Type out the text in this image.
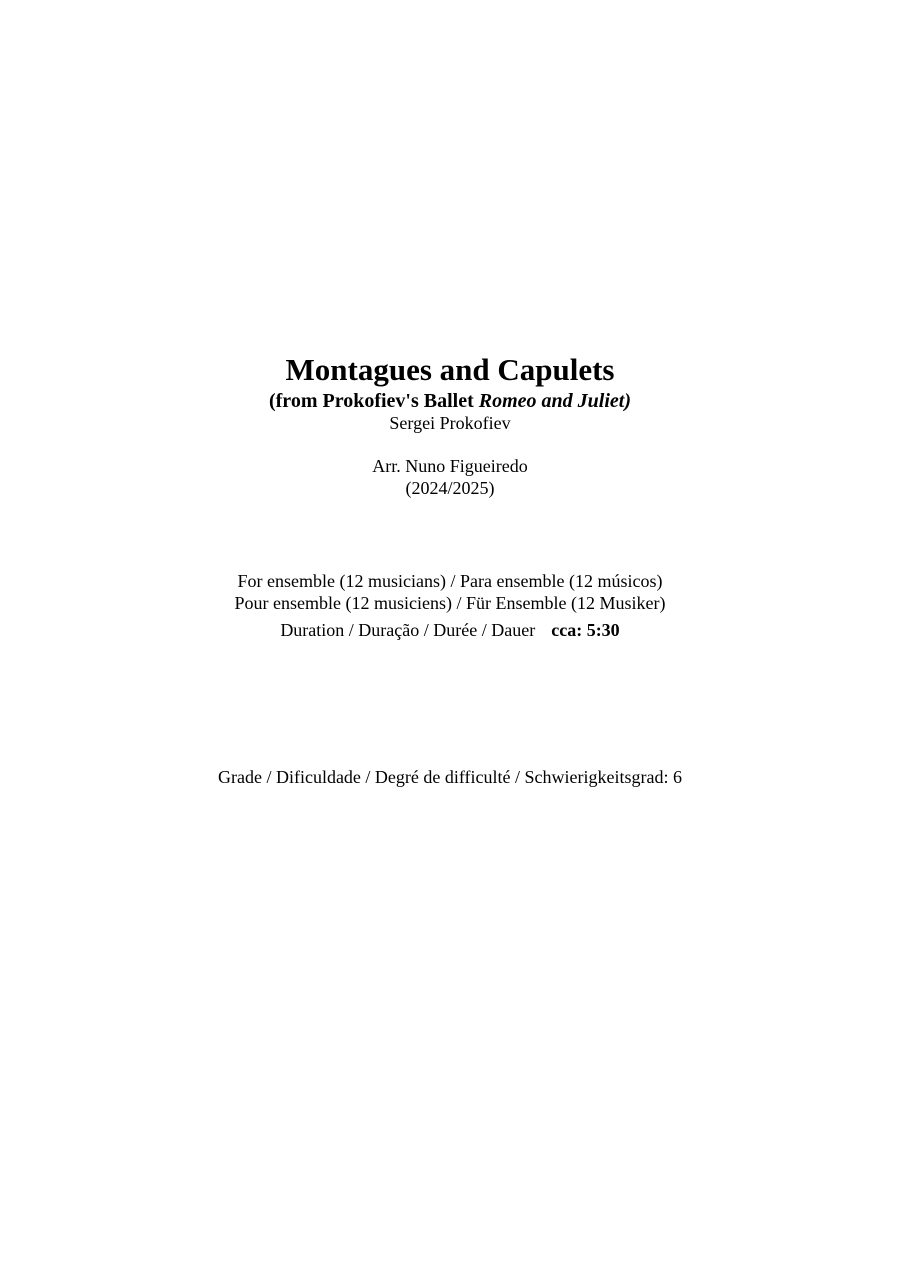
Montagues and Capulets
(from Prokofiev's Ballet Romeo and Juliet)
Sergei Prokofiev
Arr. Nuno Figueiredo
(2024/2025)
For ensemble (12 musicians) / Para ensemble (12 músicos)
Pour ensemble (12 musiciens) / Für Ensemble (12 Musiker)
Duration / Duração / Durée / Dauer cca: 5:30
Grade / Dificuldade / Degré de difficulté / Schwierigkeitsgrad: 6
